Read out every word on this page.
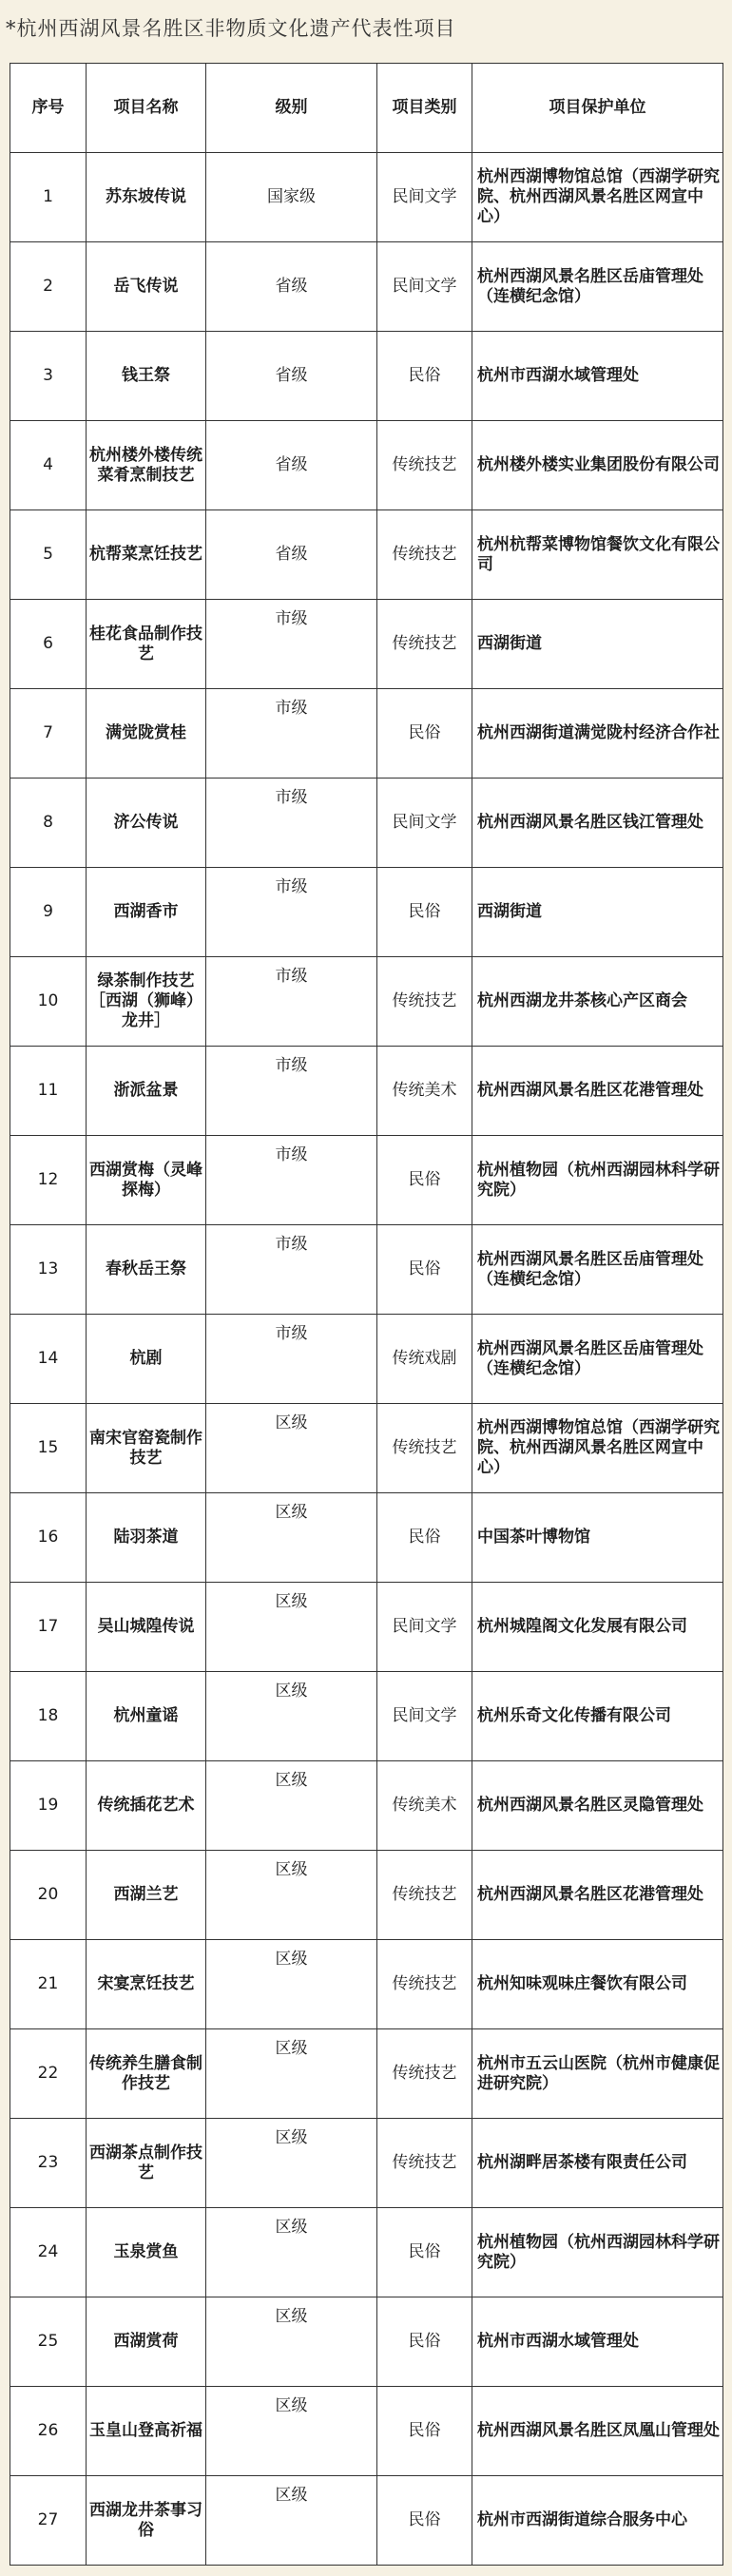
*杭州西湖风景名胜区非物质文化遗产代表性项目
序号	项目名称	级别	项目类别	项目保护单位
1	苏东坡传说	国家级	民间文学	杭州西湖博物馆总馆（西湖学研究院、杭州西湖风景名胜区网宣中心）
2	岳飞传说	省级	民间文学	杭州西湖风景名胜区岳庙管理处（连横纪念馆）
3	钱王祭	省级	民俗	杭州市西湖水域管理处
4	杭州楼外楼传统菜肴烹制技艺	省级	传统技艺	杭州楼外楼实业集团股份有限公司
5	杭帮菜烹饪技艺	省级	传统技艺	杭州杭帮菜博物馆餐饮文化有限公司
6	桂花食品制作技艺	市级	传统技艺	西湖街道
7	满觉陇赏桂	市级	民俗	杭州西湖街道满觉陇村经济合作社
8	济公传说	市级	民间文学	杭州西湖风景名胜区钱江管理处
9	西湖香市	市级	民俗	西湖街道
10	绿茶制作技艺［西湖（狮峰）龙井］	市级	传统技艺	杭州西湖龙井茶核心产区商会
11	浙派盆景	市级	传统美术	杭州西湖风景名胜区花港管理处
12	西湖赏梅（灵峰探梅）	市级	民俗	杭州植物园（杭州西湖园林科学研究院）
13	春秋岳王祭	市级	民俗	杭州西湖风景名胜区岳庙管理处（连横纪念馆）
14	杭剧	市级	传统戏剧	杭州西湖风景名胜区岳庙管理处（连横纪念馆）
15	南宋官窑瓷制作技艺	区级	传统技艺	杭州西湖博物馆总馆（西湖学研究院、杭州西湖风景名胜区网宣中心）
16	陆羽茶道	区级	民俗	中国茶叶博物馆
17	吴山城隍传说	区级	民间文学	杭州城隍阁文化发展有限公司
18	杭州童谣	区级	民间文学	杭州乐奇文化传播有限公司
19	传统插花艺术	区级	传统美术	杭州西湖风景名胜区灵隐管理处
20	西湖兰艺	区级	传统技艺	杭州西湖风景名胜区花港管理处
21	宋宴烹饪技艺	区级	传统技艺	杭州知味观味庄餐饮有限公司
22	传统养生膳食制作技艺	区级	传统技艺	杭州市五云山医院（杭州市健康促进研究院）
23	西湖茶点制作技艺	区级	传统技艺	杭州湖畔居茶楼有限责任公司
24	玉泉赏鱼	区级	民俗	杭州植物园（杭州西湖园林科学研究院）
25	西湖赏荷	区级	民俗	杭州市西湖水域管理处
26	玉皇山登高祈福	区级	民俗	杭州西湖风景名胜区凤凰山管理处
27	西湖龙井茶事习俗	区级	民俗	杭州市西湖街道综合服务中心
